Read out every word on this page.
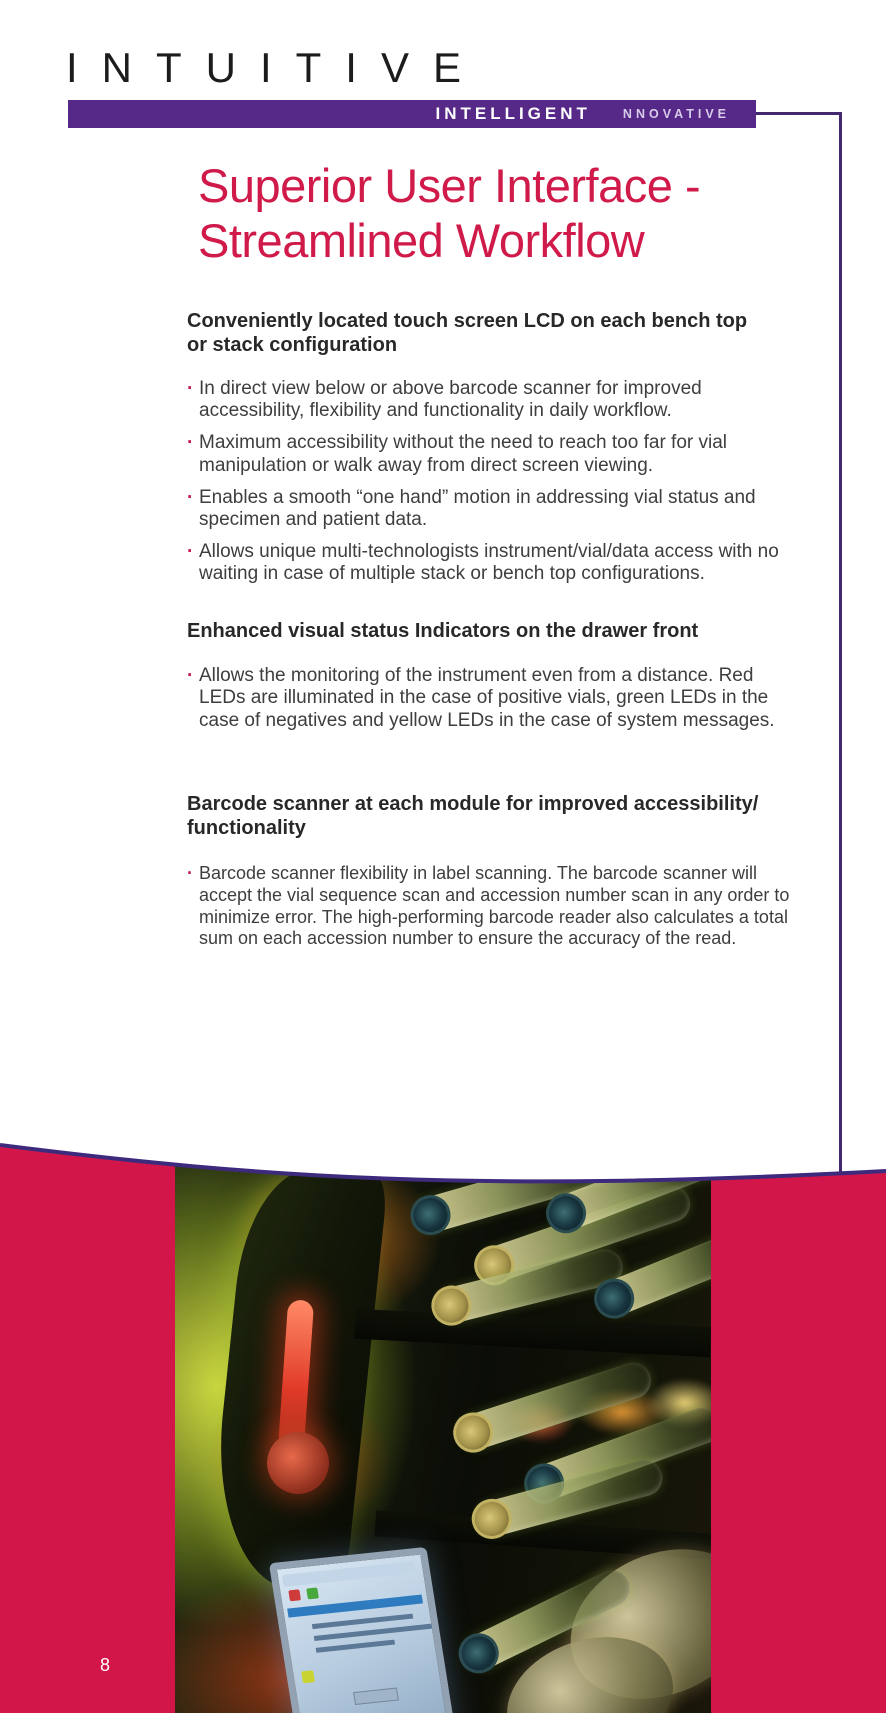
INTUITIVE
INTELLIGENT	NNOVATIVE
Superior User Interface -
Streamlined Workflow
Conveniently located touch screen LCD on each bench top
or stack configuration
· In direct view below or above barcode scanner for improved accessibility, flexibility and functionality in daily workflow.
· Maximum accessibility without the need to reach too far for vial manipulation or walk away from direct screen viewing.
· Enables a smooth “one hand” motion in addressing vial status and specimen and patient data.
· Allows unique multi-technologists instrument/vial/data access with no waiting in case of multiple stack or bench top configurations.
Enhanced visual status Indicators on the drawer front
· Allows the monitoring of the instrument even from a distance. Red LEDs are illuminated in the case of positive vials, green LEDs in the case of negatives and yellow LEDs in the case of system messages.
Barcode scanner at each module for improved accessibility/
functionality
· Barcode scanner flexibility in label scanning. The barcode scanner will accept the vial sequence scan and accession number scan in any order to minimize error. The high-performing barcode reader also calculates a total sum on each accession number to ensure the accuracy of the read.
8
